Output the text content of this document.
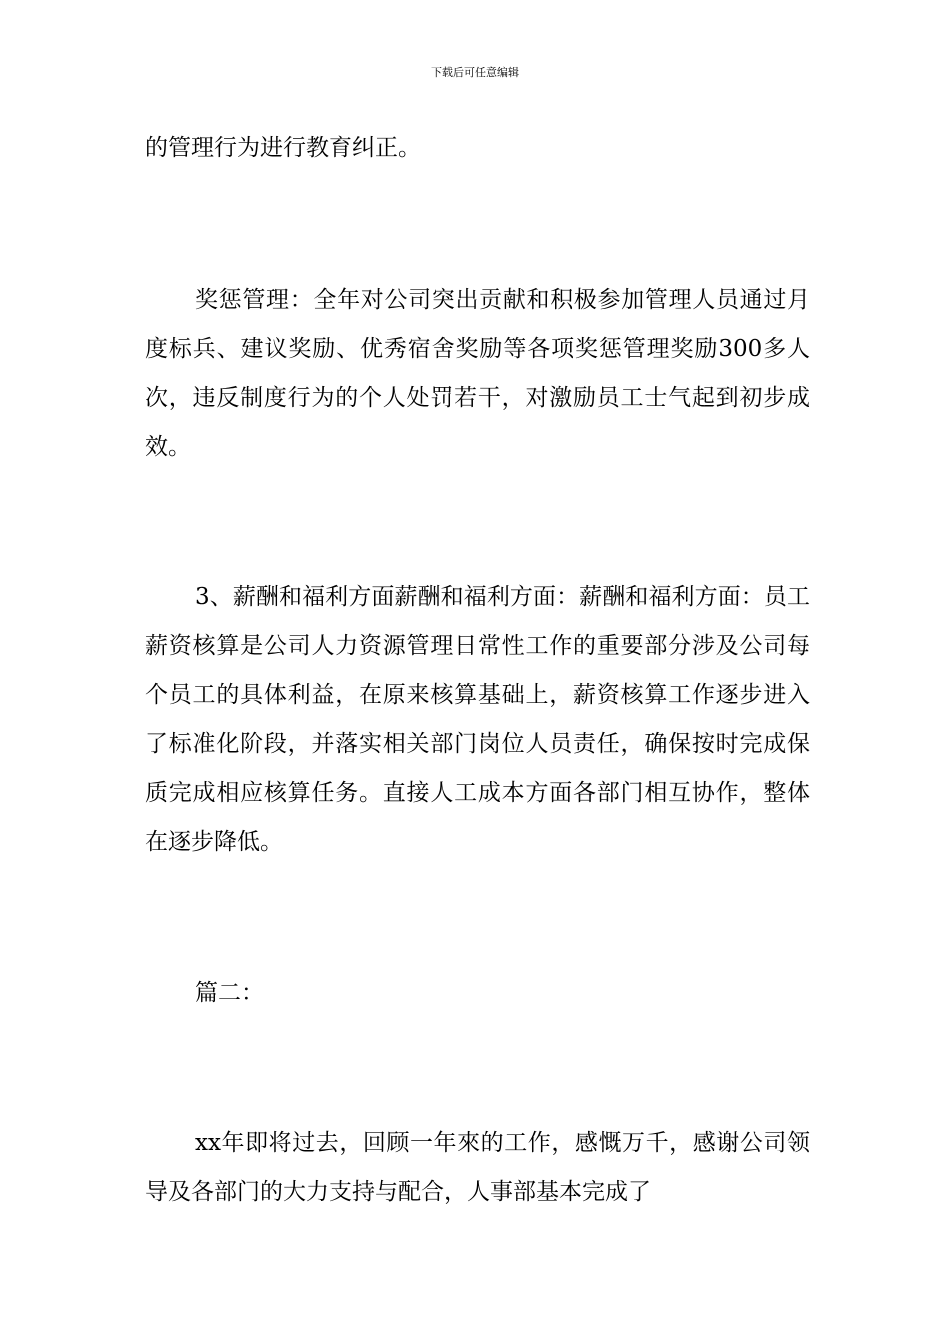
下载后可任意编辑

的管理行为进行教育纠正。

奖惩管理：全年对公司突出贡献和积极参加管理人员通过月度标兵、建议奖励、优秀宿舍奖励等各项奖惩管理奖励300多人次，违反制度行为的个人处罚若干，对激励员工士气起到初步成效。

3、薪酬和福利方面薪酬和福利方面：薪酬和福利方面：员工薪资核算是公司人力资源管理日常性工作的重要部分涉及公司每个员工的具体利益，在原来核算基础上，薪资核算工作逐步进入了标准化阶段，并落实相关部门岗位人员责任，确保按时完成保质完成相应核算任务。直接人工成本方面各部门相互协作，整体在逐步降低。

篇二：

xx年即将过去，回顾一年來的工作，感慨万千，感谢公司领导及各部门的大力支持与配合，人事部基本完成了
